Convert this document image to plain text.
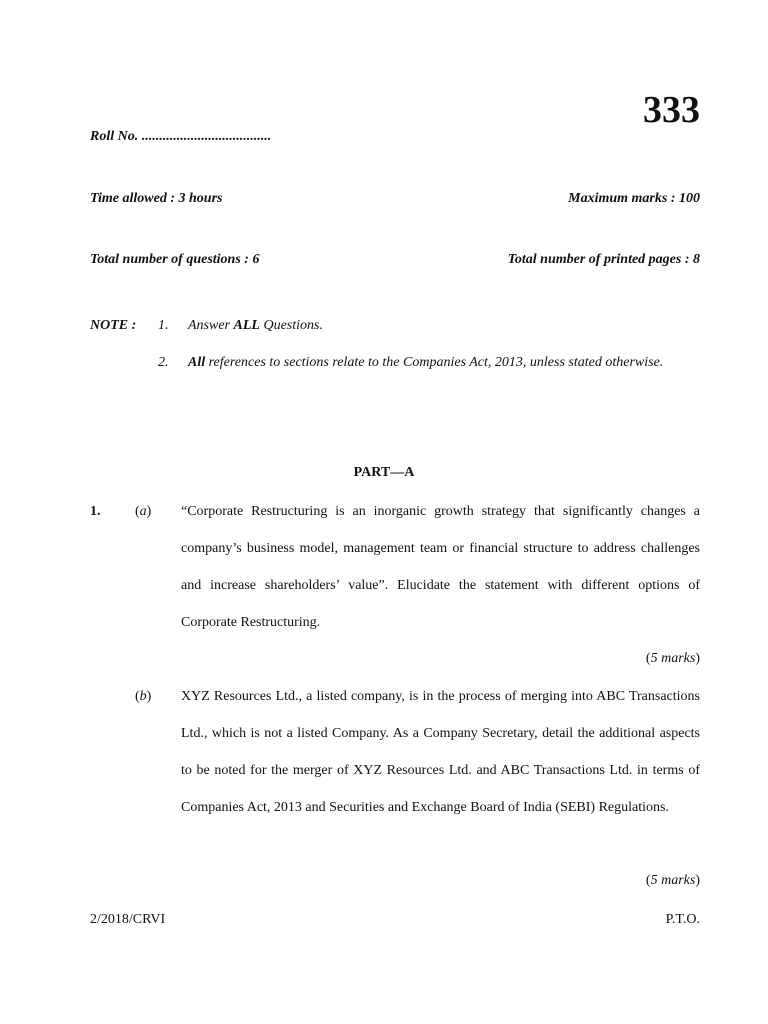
333
Roll No. .....................................
Time allowed : 3 hours	Maximum marks : 100
Total number of questions : 6	Total number of printed pages : 8
NOTE : 1. Answer ALL Questions.
2. All references to sections relate to the Companies Act, 2013, unless stated otherwise.
PART—A
1. (a) “Corporate Restructuring is an inorganic growth strategy that significantly changes a company’s business model, management team or financial structure to address challenges and increase shareholders’ value”. Elucidate the statement with different options of Corporate Restructuring.
(5 marks)
(b) XYZ Resources Ltd., a listed company, is in the process of merging into ABC Transactions Ltd., which is not a listed Company. As a Company Secretary, detail the additional aspects to be noted for the merger of XYZ Resources Ltd. and ABC Transactions Ltd. in terms of Companies Act, 2013 and Securities and Exchange Board of India (SEBI) Regulations.
(5 marks)
2/2018/CRVI	P.T.O.
